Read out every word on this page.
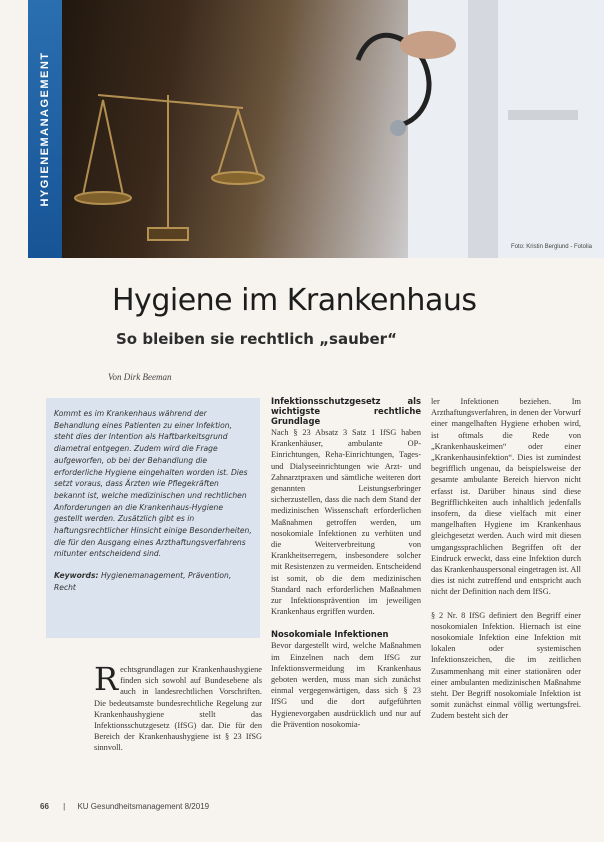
Foto: Kristin Berglund - Fotolia
HYGIENEMANAGEMENT
Hygiene im Krankenhaus
So bleiben sie rechtlich „sauber“
Von Dirk Beeman
Kommt es im Krankenhaus während der Behandlung eines Patienten zu einer Infektion, steht dies der Intention als Haftbarkeitsgrund diametral entgegen. Zudem wird die Frage aufgeworfen, ob bei der Behandlung die erforderliche Hygiene eingehalten worden ist. Dies setzt voraus, dass Ärzten wie Pflegekräften bekannt ist, welche medizinischen und rechtlichen Anforderungen an die Krankenhaus-Hygiene gestellt werden. Zusätzlich gibt es in haftungsrechtlicher Hinsicht einige Besonderheiten, die für den Ausgang eines Arzthaftungsverfahrens mitunter entscheidend sind.
Keywords: Hygienemanagement, Prävention, Recht
R echtsgrundlagen zur Krankenhaushygiene finden sich sowohl auf Bundesebene als auch in landesrechtlichen Vorschriften. Die bedeutsamste bundesrechtliche Regelung zur Krankenhaushygiene stellt das Infektionsschutzgesetz (IfSG) dar. Die für den Bereich der Krankenhaushygiene ist § 23 IfSG sinnvoll.

Infektionsschutzgesetz als wichtigste rechtliche Grundlage

Nach § 23 Absatz 3 Satz 1 IfSG haben Krankenhäuser, ambulante OP-Einrichtungen, Reha-Einrichtungen, Tages- und Dialyseeinrichtungen wie Arzt- und Zahnarztpraxen und sämtliche weiteren dort genannten Leistungserbringer sicherzustellen, dass die nach dem Stand der medizinischen Wissenschaft erforderlichen Maßnahmen getroffen werden, um nosokomiale Infektionen zu verhüten und die Weiterverbreitung von Krankheitserregern, insbesondere solcher mit Resistenzen zu vermeiden. Entscheidend ist somit, ob die dem medizinischen Standard nach erforderlichen Maßnahmen zur Infektionsprävention im jeweiligen Krankenhaus ergriffen wurden.

Nosokomiale Infektionen

Bevor dargestellt wird, welche Maßnahmen im Einzelnen nach dem IfSG zur Infektionsvermeidung im Krankenhaus geboten werden, muss man sich zunächst einmal vergegenwärtigen, dass sich § 23 IfSG und die dort aufgeführten Hygienevorgaben ausdrücklich und nur auf die Prävention nosokomia-

ler Infektionen beziehen. Im Arzthaftungsverfahren, in denen der Vorwurf einer mangelhaften Hygiene erhoben wird, ist oftmals die Rede von „Krankenhauskeimen“ oder einer „Krankenhausinfektion“. Dies ist zumindest begrifflich ungenau, da beispielsweise der gesamte ambulante Bereich hiervon nicht erfasst ist. Darüber hinaus sind diese Begrifflichkeiten auch inhaltlich jedenfalls insofern, da diese vielfach mit einer mangelhaften Hygiene im Krankenhaus gleichgesetzt werden. Auch wird mit diesen umgangssprachlichen Begriffen oft der Eindruck erweckt, dass eine Infektion durch das Krankenhauspersonal eingetragen ist. All dies ist nicht zutreffend und entspricht auch nicht der Definition nach dem IfSG.

§ 2 Nr. 8 IfSG definiert den Begriff einer nosokomialen Infektion. Hiernach ist eine nosokomiale Infektion eine Infektion mit lokalen oder systemischen Infektionszeichen, die im zeitlichen Zusammenhang mit einer stationären oder einer ambulanten medizinischen Maßnahme steht. Der Begriff nosokomiale Infektion ist somit zunächst einmal völlig wertungsfrei. Zudem besteht sich der

66 | KU Gesundheitsmanagement 8/2019
